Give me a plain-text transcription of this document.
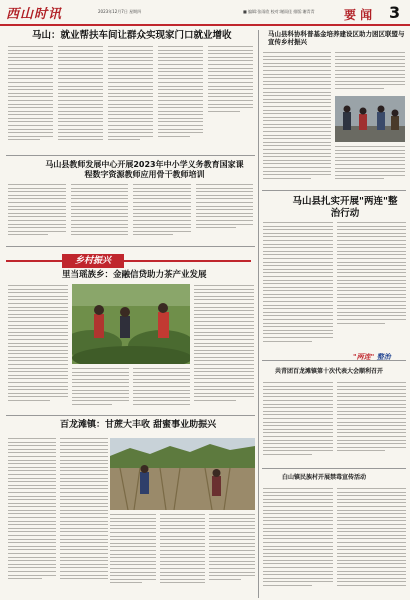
西山时讯	2023年12月7日 星期四	■ 编辑:张雨欣 校对:谢雨佳 排版:谢青青 要 闻 3
马山：就业帮扶车间让群众实现家门口就业增收
马山县教师发展中心开展2023年中小学义务教育国家课程数字资源教师应用骨干教师培训
乡村振兴
里当瑶族乡：金融信贷助力茶产业发展
百龙滩镇：甘蔗大丰收 甜蜜事业助振兴
马山县科协科普基金培养建设区助力困区联盟与宣传乡村振兴
马山县扎实开展"两连"整治行动
"两连" 整治
共青团百龙滩镇第十次代表大会顺利召开
白山镇民族村开展禁毒宣传活动
